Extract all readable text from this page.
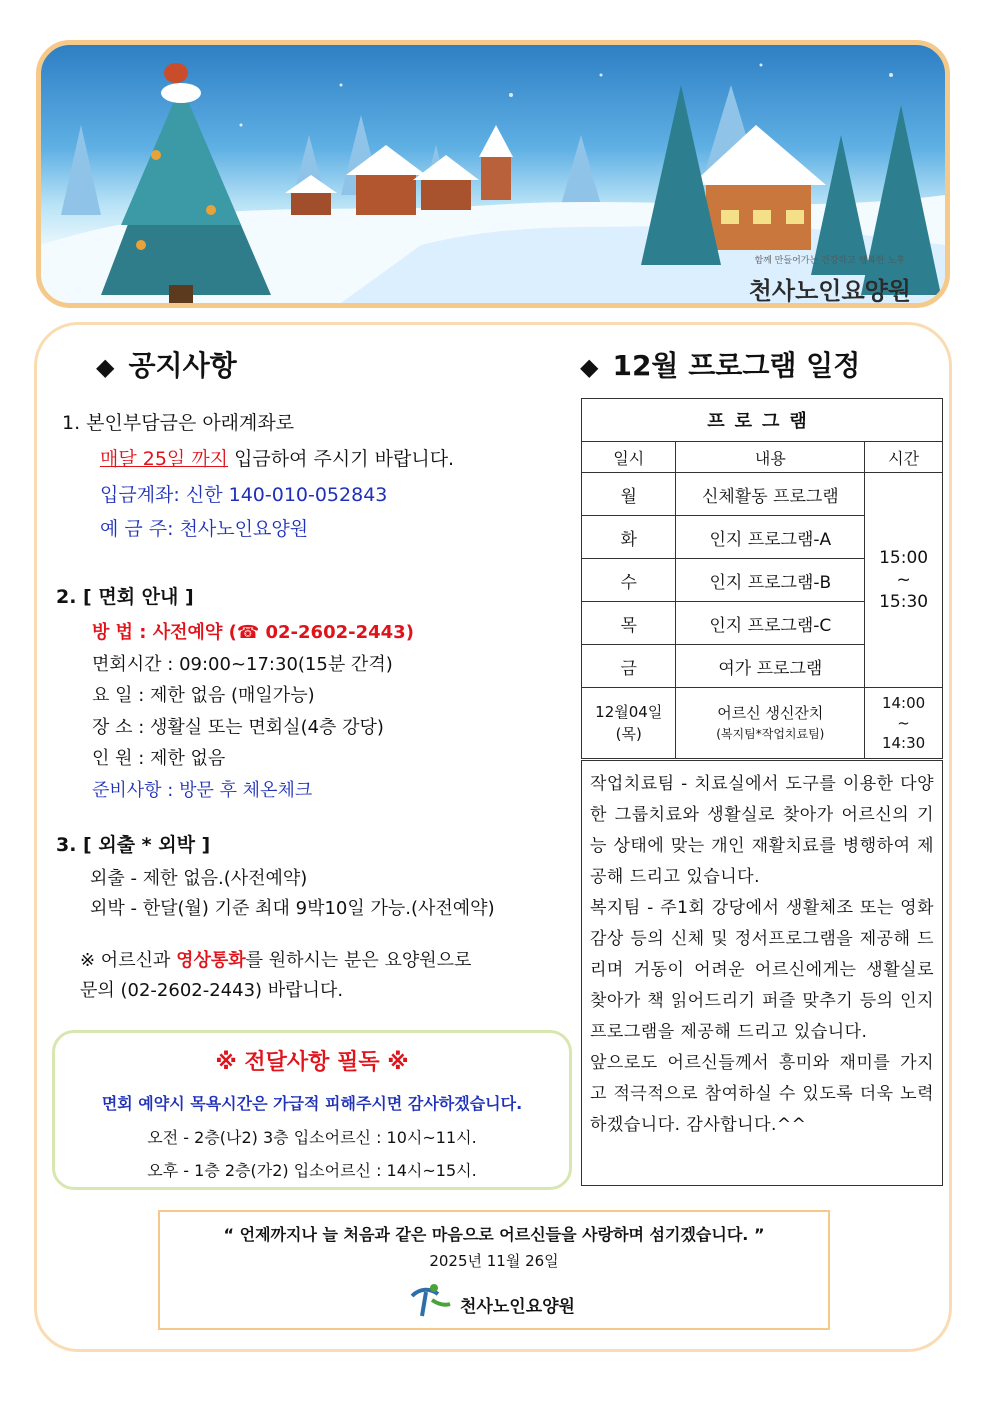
함께 만들어가는 건강하고 행복한 노후
천사노인요양원
◆ 공지사항
1. 본인부담금은 아래계좌로
매달 25일 까지 입금하여 주시기 바랍니다.
입금계좌: 신한 140-010-052843
예 금 주: 천사노인요양원
2. [ 면회 안내 ]
방 법 : 사전예약 (☎ 02-2602-2443)
면회시간 : 09:00~17:30(15분 간격)
요 일 : 제한 없음 (매일가능)
장 소 : 생활실 또는 면회실(4층 강당)
인 원 : 제한 없음
준비사항 : 방문 후 체온체크
3. [ 외출 * 외박 ]
외출 - 제한 없음.(사전예약)
외박 - 한달(월) 기준 최대 9박10일 가능.(사전예약)
※ 어르신과 영상통화를 원하시는 분은 요양원으로
문의 (02-2602-2443) 바랍니다.
※ 전달사항 필독 ※
면회 예약시 목욕시간은 가급적 피해주시면 감사하겠습니다.
오전 - 2층(나2) 3층 입소어르신 : 10시~11시.
오후 - 1층 2층(가2) 입소어르신 : 14시~15시.
◆ 12월 프로그램 일정
프로그램		
일시	내용	시간
월	신체활동 프로그램	15:00
~
15:30
화	인지 프로그램-A	
수	인지 프로그램-B	
목	인지 프로그램-C	
금	여가 프로그램	
12월04일
(목)	어르신 생신잔치
(복지팀*작업치료팀)	14:00
~
14:30

작업치료팀 - 치료실에서 도구를 이용한 다양한 그룹치료와 생활실로 찾아가 어르신의 기능 상태에 맞는 개인 재활치료를 병행하여 제공해 드리고 있습니다.

복지팀 - 주1회 강당에서 생활체조 또는 영화감상 등의 신체 및 정서프로그램을 제공해 드리며 거동이 어려운 어르신에게는 생활실로 찾아가 책 읽어드리기 퍼즐 맞추기 등의 인지프로그램을 제공해 드리고 있습니다.

앞으로도 어르신들께서 흥미와 재미를 가지고 적극적으로 참여하실 수 있도록 더욱 노력하겠습니다. 감사합니다.^^

“ 언제까지나 늘 처음과 같은 마음으로 어르신들을 사랑하며 섬기겠습니다. ”
2025년 11월 26일
천사노인요양원
